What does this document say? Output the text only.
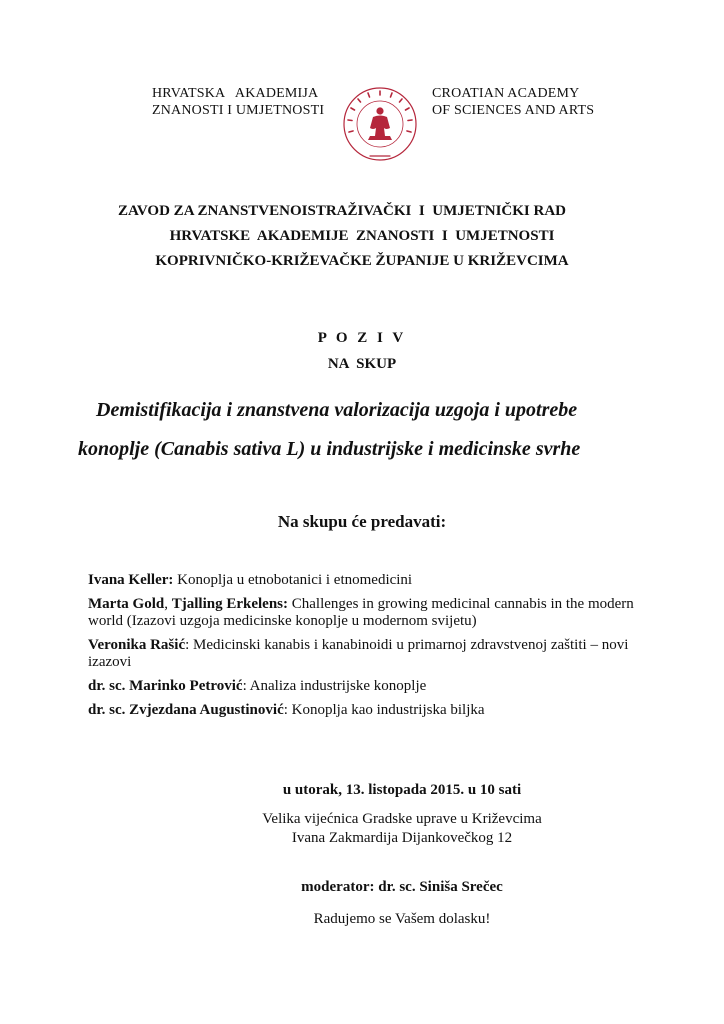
HRVATSKA   AKADEMIJA
ZNANOSTI I UMJETNOSTI
CROATIAN ACADEMY
OF SCIENCES AND ARTS
ZAVOD ZA ZNANSTVENOISTRAŽIVAČKI  I  UMJETNIČKI RAD
HRVATSKE  AKADEMIJE  ZNANOSTI  I  UMJETNOSTI
KOPRIVNIČKO-KRIŽEVAČKE ŽUPANIJE U KRIŽEVCIMA
P O Z I V
NA  SKUP
Demistifikacija i znanstvena valorizacija uzgoja i upotrebe
konoplje (Canabis sativa L) u industrijske i medicinske svrhe
Na skupu će predavati:
Ivana Keller: Konoplja u etnobotanici i etnomedicini
Marta Gold, Tjalling Erkelens: Challenges in growing medicinal cannabis in the modern world (Izazovi uzgoja medicinske konoplje u modernom svijetu)
Veronika Rašić: Medicinski kanabis i kanabinoidi u primarnoj zdravstvenoj zaštiti – novi izazovi
dr. sc. Marinko Petrović: Analiza industrijske konoplje
dr. sc. Zvjezdana Augustinović: Konoplja kao industrijska biljka
u utorak, 13. listopada 2015. u 10 sati
Velika vijećnica Gradske uprave u Križevcima
Ivana Zakmardija Dijankovečkog 12
moderator: dr. sc. Siniša Srečec
Radujemo se Vašem dolasku!
